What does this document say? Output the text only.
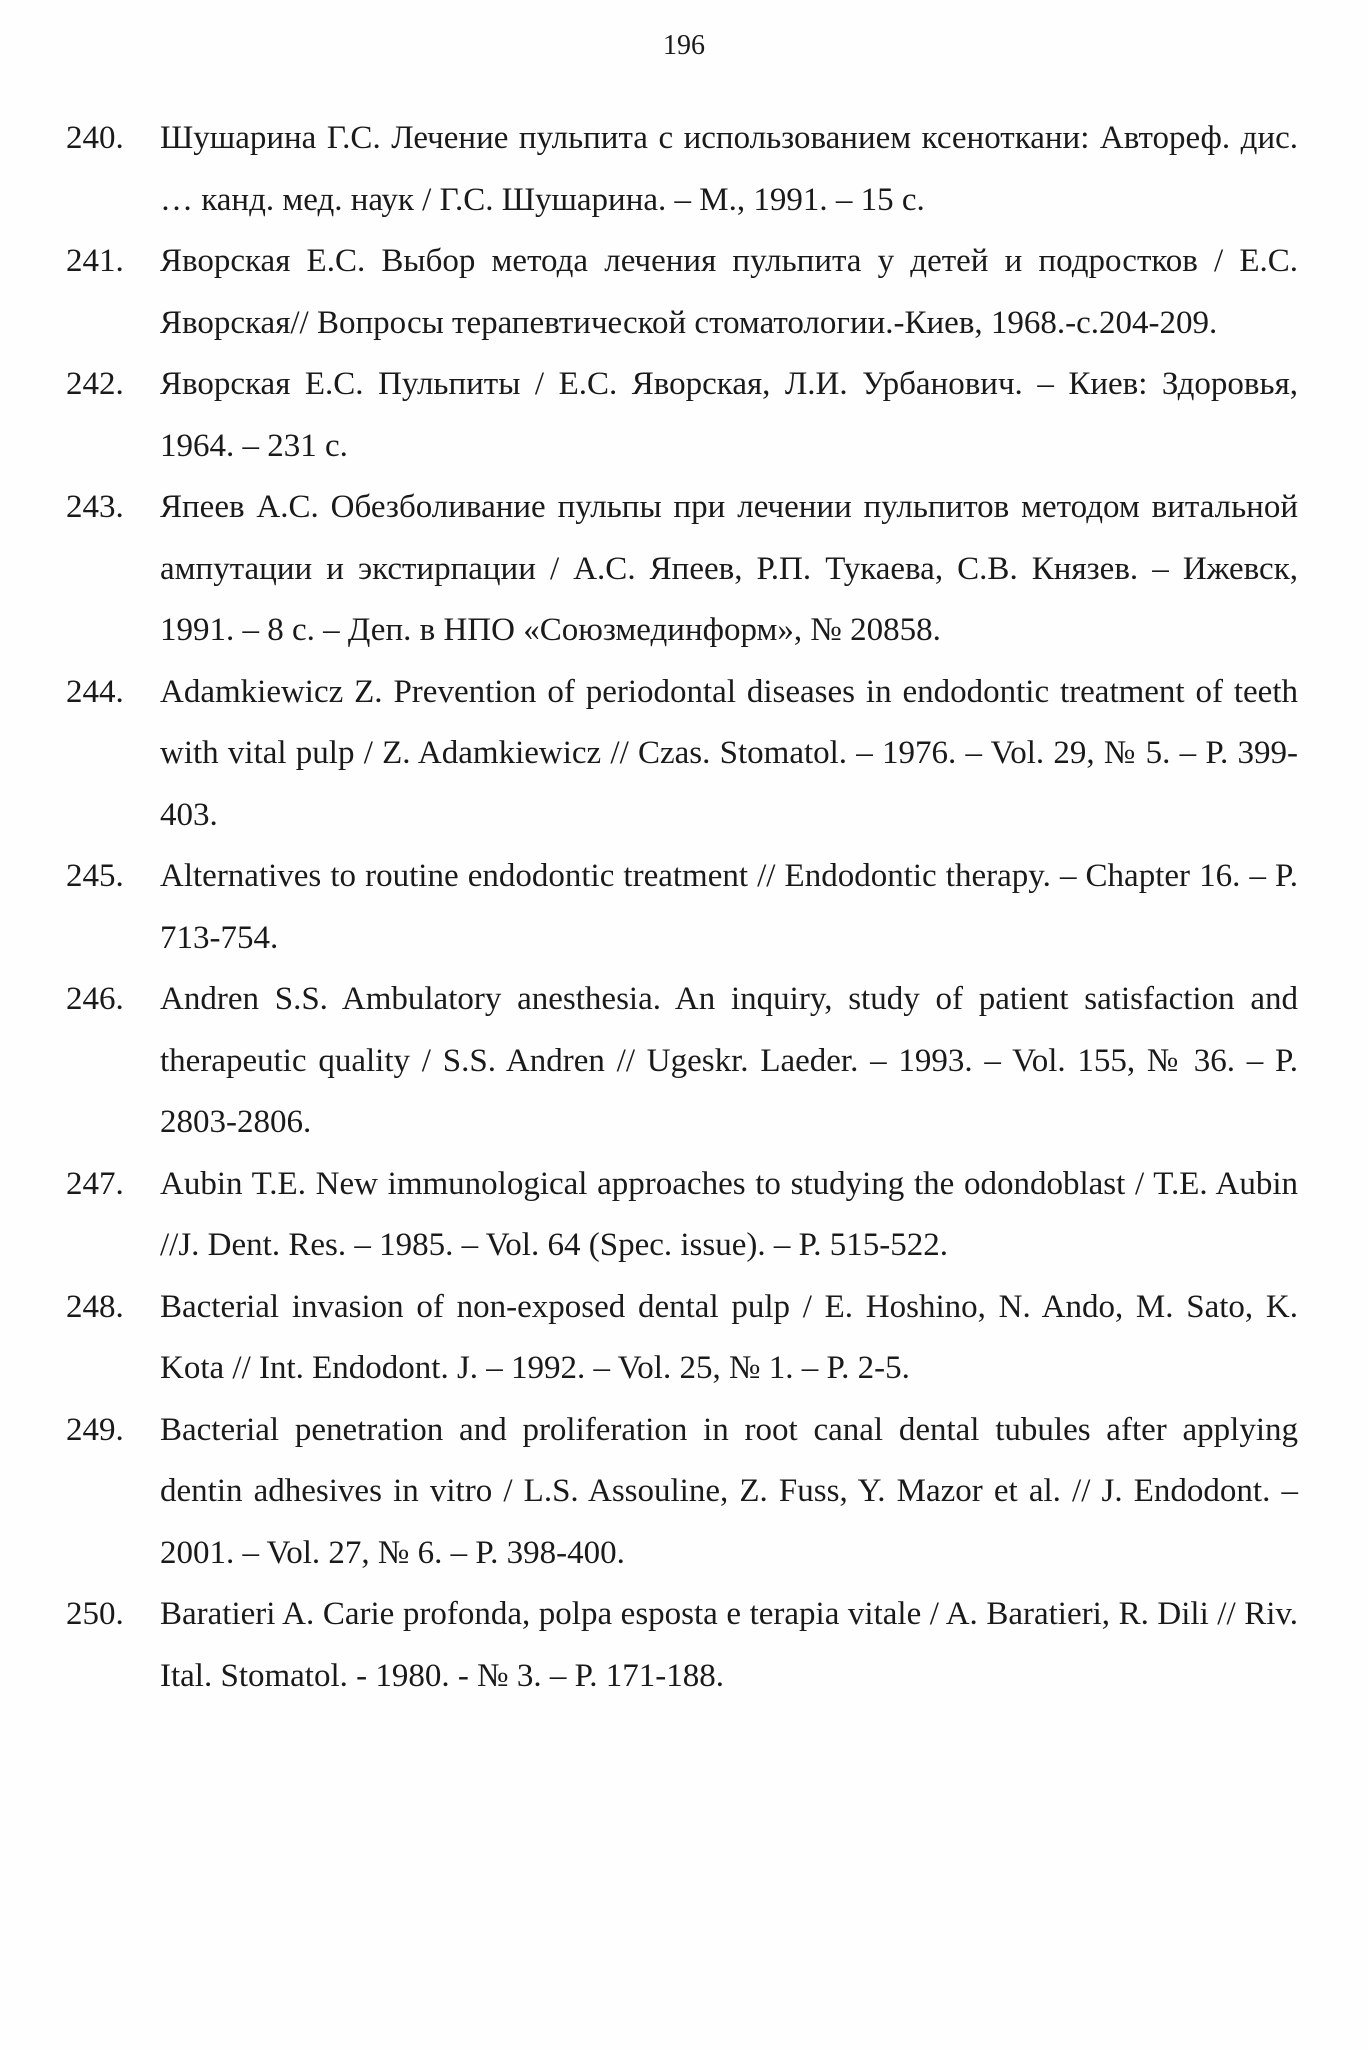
196
240.	Шушарина Г.С. Лечение пульпита с использованием ксеноткани: Автореф. дис. … канд. мед. наук / Г.С. Шушарина. – М., 1991. – 15 с.
241.	Яворская Е.С. Выбор метода лечения пульпита у детей и подростков / Е.С. Яворская// Вопросы терапевтической стоматологии.-Киев, 1968.-с.204-209.
242.	Яворская Е.С. Пульпиты / Е.С. Яворская, Л.И. Урбанович. – Киев: Здоровья, 1964. – 231 с.
243.	Япеев А.С. Обезболивание пульпы при лечении пульпитов методом витальной ампутации и экстирпации / А.С. Япеев, Р.П. Тукаева, С.В. Князев. – Ижевск, 1991. – 8 с. – Деп. в НПО «Союзмединформ», № 20858.
244.	Adamkiewicz Z. Prevention of periodontal diseases in endodontic treatment of teeth with vital pulp / Z. Adamkiewicz // Czas. Stomatol. – 1976. – Vol. 29, № 5. – P. 399-403.
245.	Alternatives to routine endodontic treatment // Endodontic therapy. – Chapter 16. – P. 713-754.
246.	Andren S.S. Ambulatory anesthesia. An inquiry, study of patient satisfaction and therapeutic quality / S.S. Andren // Ugeskr. Laeder. – 1993. – Vol. 155, № 36. – P. 2803-2806.
247.	Aubin T.E. New immunological approaches to studying the odondoblast / T.E. Aubin //J. Dent. Res. – 1985. – Vol. 64 (Spec. issue). – P. 515-522.
248.	Bacterial invasion of non-exposed dental pulp / E. Hoshino, N. Ando, M. Sato, K. Kota // Int. Endodont. J. – 1992. – Vol. 25, № 1. – P. 2-5.
249.	Bacterial penetration and proliferation in root canal dental tubules after applying dentin adhesives in vitro / L.S. Assouline, Z. Fuss, Y. Mazor et al. // J. Endodont. – 2001. – Vol. 27, № 6. – P. 398-400.
250.	Baratieri A. Carie profonda, polpa esposta e terapia vitale / A. Baratieri, R. Dili // Riv. Ital. Stomatol. - 1980. - № 3. – P. 171-188.
